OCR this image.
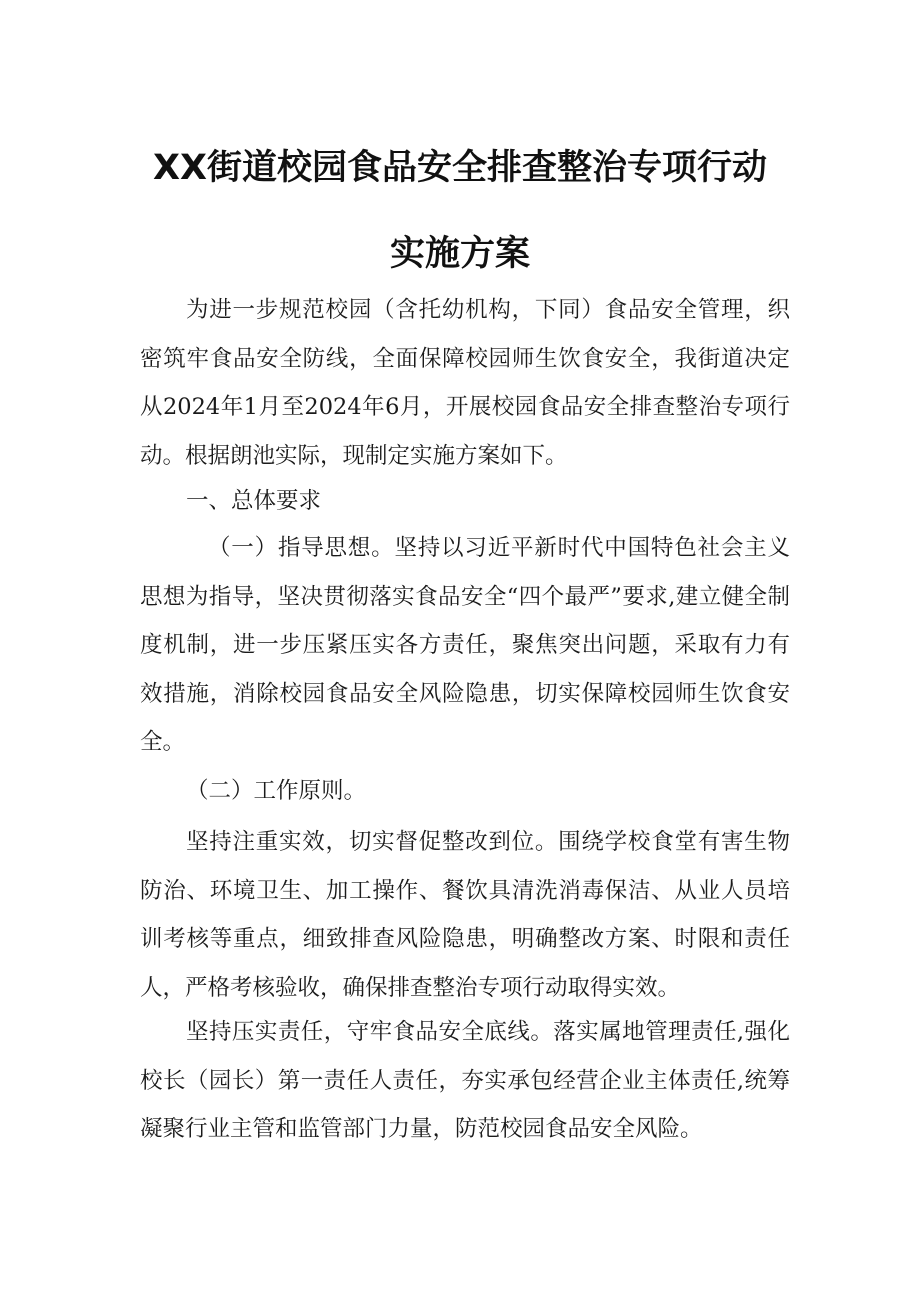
XX街道校园食品安全排查整治专项行动
实施方案

为进一步规范校园（含托幼机构，下同）食品安全管理，织密筑牢食品安全防线，全面保障校园师生饮食安全，我街道决定从2024年1月至2024年6月，开展校园食品安全排查整治专项行动。根据朗池实际，现制定实施方案如下。

一、总体要求

（一）指导思想。坚持以习近平新时代中国特色社会主义思想为指导，坚决贯彻落实食品安全“四个最严”要求,建立健全制度机制，进一步压紧压实各方责任，聚焦突出问题，采取有力有效措施，消除校园食品安全风险隐患，切实保障校园师生饮食安全。

（二）工作原则。

坚持注重实效，切实督促整改到位。围绕学校食堂有害生物防治、环境卫生、加工操作、餐饮具清洗消毒保洁、从业人员培训考核等重点，细致排查风险隐患，明确整改方案、时限和责任人，严格考核验收，确保排查整治专项行动取得实效。

坚持压实责任，守牢食品安全底线。落实属地管理责任,强化校长（园长）第一责任人责任，夯实承包经营企业主体责任,统筹凝聚行业主管和监管部门力量，防范校园食品安全风险。
